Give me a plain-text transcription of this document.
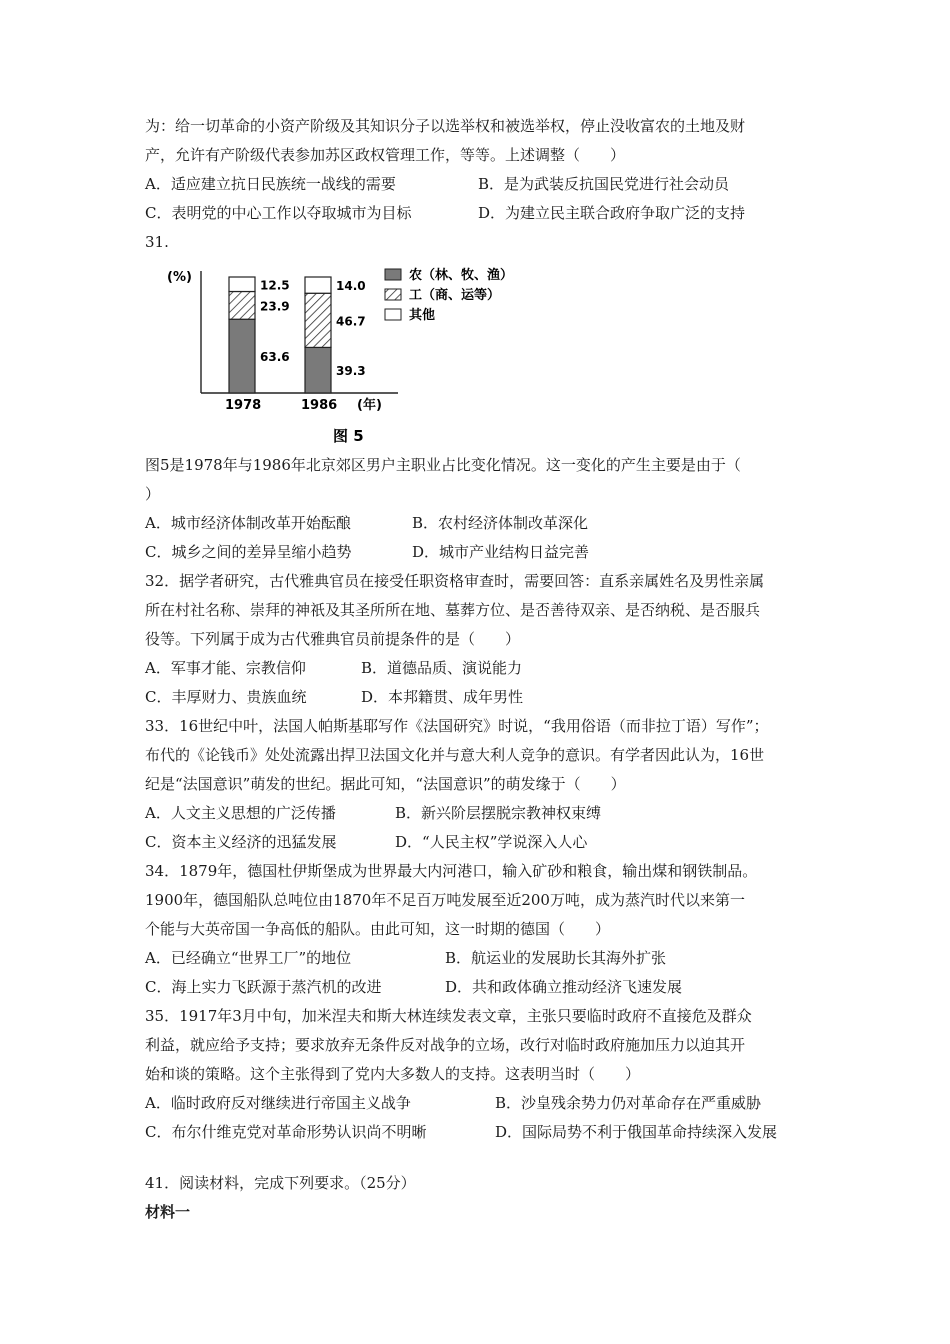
为：给一切革命的小资产阶级及其知识分子以选举权和被选举权，停止没收富农的土地及财
产，允许有产阶级代表参加苏区政权管理工作，等等。上述调整（　　）
A．适应建立抗日民族统一战线的需要	B．是为武装反抗国民党进行社会动员
C．表明党的中心工作以夺取城市为目标	D．为建立民主联合政府争取广泛的支持
31.
(%)
63.6
23.9
12.5
1978
39.3
46.7
14.0
1986
农（林、牧、渔）
工（商、运等）
其他
(年)
图 5
图5是1978年与1986年北京郊区男户主职业占比变化情况。这一变化的产生主要是由于（
）
A．城市经济体制改革开始酝酿	B．农村经济体制改革深化
C．城乡之间的差异呈缩小趋势	D．城市产业结构日益完善
32．据学者研究，古代雅典官员在接受任职资格审查时，需要回答：直系亲属姓名及男性亲属
所在村社名称、崇拜的神祇及其圣所所在地、墓葬方位、是否善待双亲、是否纳税、是否服兵
役等。下列属于成为古代雅典官员前提条件的是（　　）
A．军事才能、宗教信仰	B．道德品质、演说能力
C．丰厚财力、贵族血统	D．本邦籍贯、成年男性
33．16世纪中叶，法国人帕斯基耶写作《法国研究》时说，“我用俗语（而非拉丁语）写作”；
布代的《论钱币》处处流露出捍卫法国文化并与意大利人竞争的意识。有学者因此认为，16世
纪是“法国意识”萌发的世纪。据此可知，“法国意识”的萌发缘于（　　）
A．人文主义思想的广泛传播	B．新兴阶层摆脱宗教神权束缚
C．资本主义经济的迅猛发展	D．“人民主权”学说深入人心
34．1879年，德国杜伊斯堡成为世界最大内河港口，输入矿砂和粮食，输出煤和钢铁制品。
1900年，德国船队总吨位由1870年不足百万吨发展至近200万吨，成为蒸汽时代以来第一
个能与大英帝国一争高低的船队。由此可知，这一时期的德国（　　）
A．已经确立“世界工厂”的地位	B．航运业的发展助长其海外扩张
C．海上实力飞跃源于蒸汽机的改进	D．共和政体确立推动经济飞速发展
35．1917年3月中旬，加米涅夫和斯大林连续发表文章，主张只要临时政府不直接危及群众
利益，就应给予支持；要求放弃无条件反对战争的立场，改行对临时政府施加压力以迫其开
始和谈的策略。这个主张得到了党内大多数人的支持。这表明当时（　　）
A．临时政府反对继续进行帝国主义战争	B．沙皇残余势力仍对革命存在严重威胁
C．布尔什维克党对革命形势认识尚不明晰	D．国际局势不利于俄国革命持续深入发展
41．阅读材料，完成下列要求。（25分）
材料一
